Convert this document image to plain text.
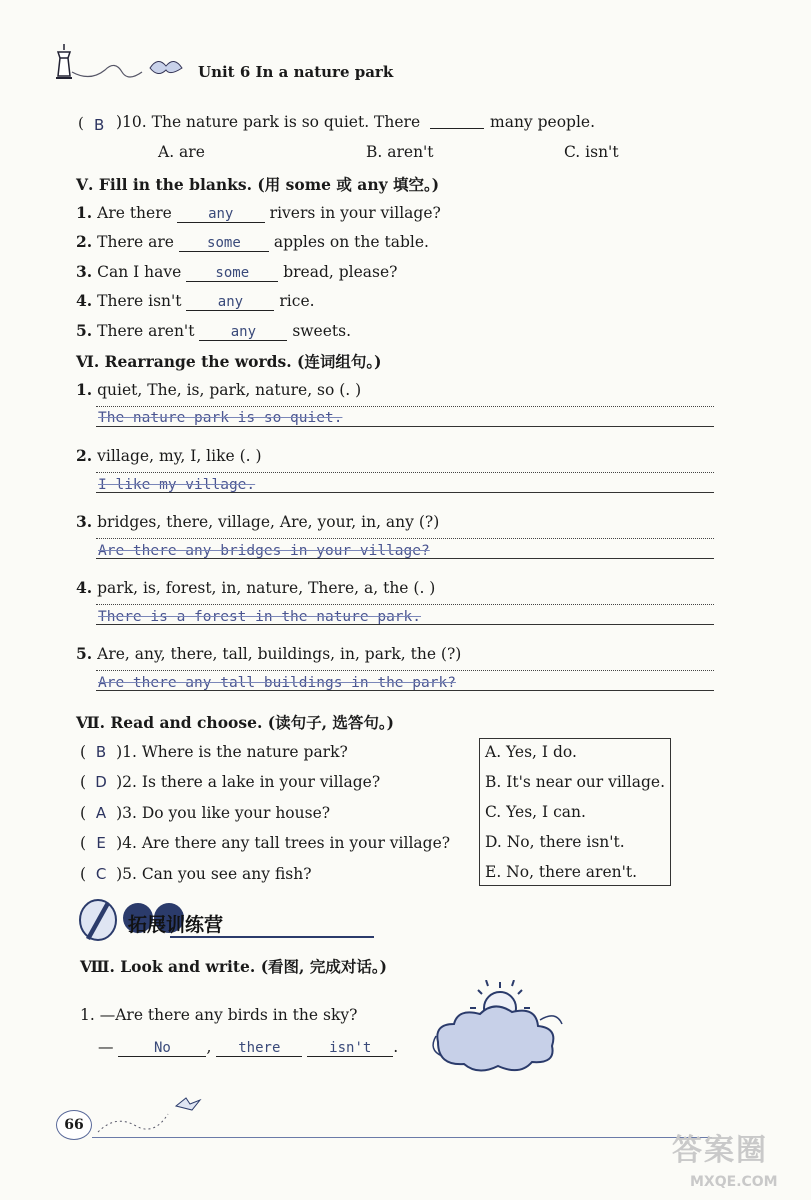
Unit 6 In a nature park
( B )10. The nature park is so quiet. There	many people.
A. are	B. aren't	C. isn't
Ⅴ. Fill in the blanks. (用 some 或 any 填空。)
1. Are there	any rivers in your village?
2. There are some apples on the table.
3. Can I have some bread, please?
4. There isn't	any rice.
5. There aren't	any sweets.
Ⅵ. Rearrange the words. (连词组句。)
1. quiet, The, is, park, nature, so (. )
The nature park is so quiet.
2. village, my, I, like (. )
I like my village.
3. bridges, there, village, Are, your, in, any (?)
Are there any bridges in your village?
4. park, is, forest, in, nature, There, a, the (. )
There is a forest in the nature park.
5. Are, any, there, tall, buildings, in, park, the (?)
Are there any tall buildings in the park?
Ⅶ. Read and choose. (读句子, 选答句。)
( B )1. Where is the nature park?
( D )2. Is there a lake in your village?
( A )3. Do you like your house?
( E )4. Are there any tall trees in your village?
( C )5. Can you see any fish?
A. Yes, I do.
B. It's near our village.
C. Yes, I can.
D. No, there isn't.
E. No, there aren't.
拓展训练营
Ⅷ. Look and write. (看图, 完成对话。)
1. —Are there any birds in the sky?
—	No , there	isn't .
66
答案圈
MXQE.COM
